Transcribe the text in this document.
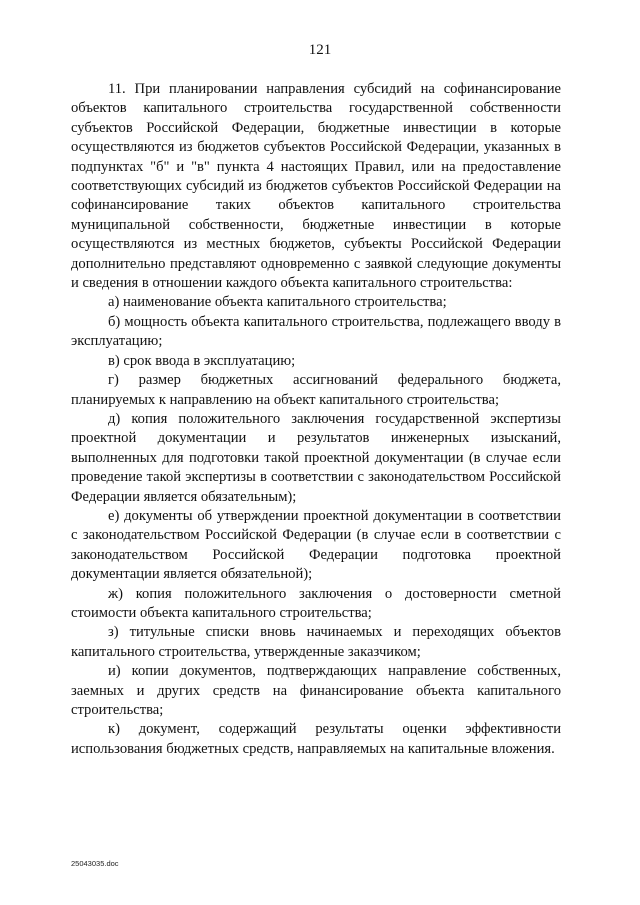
121

11. При планировании направления субсидий на софинансирование объектов капитального строительства государственной собственности субъектов Российской Федерации, бюджетные инвестиции в которые осуществляются из бюджетов субъектов Российской Федерации, указанных в подпунктах "б" и "в" пункта 4 настоящих Правил, или на предоставление соответствующих субсидий из бюджетов субъектов Российской Федерации на софинансирование таких объектов капитального строительства муниципальной собственности, бюджетные инвестиции в которые осуществляются из местных бюджетов, субъекты Российской Федерации дополнительно представляют одновременно с заявкой следующие документы и сведения в отношении каждого объекта капитального строительства:

а) наименование объекта капитального строительства;

б) мощность объекта капитального строительства, подлежащего вводу в эксплуатацию;

в) срок ввода в эксплуатацию;

г) размер бюджетных ассигнований федерального бюджета, планируемых к направлению на объект капитального строительства;

д) копия положительного заключения государственной экспертизы проектной документации и результатов инженерных изысканий, выполненных для подготовки такой проектной документации (в случае если проведение такой экспертизы в соответствии с законодательством Российской Федерации является обязательным);

е) документы об утверждении проектной документации в соответствии с законодательством Российской Федерации (в случае если в соответствии с законодательством Российской Федерации подготовка проектной документации является обязательной);

ж) копия положительного заключения о достоверности сметной стоимости объекта капитального строительства;

з) титульные списки вновь начинаемых и переходящих объектов капитального строительства, утвержденные заказчиком;

и) копии документов, подтверждающих направление собственных, заемных и других средств на финансирование объекта капитального строительства;

к) документ, содержащий результаты оценки эффективности использования бюджетных средств, направляемых на капитальные вложения.

25043035.doc
